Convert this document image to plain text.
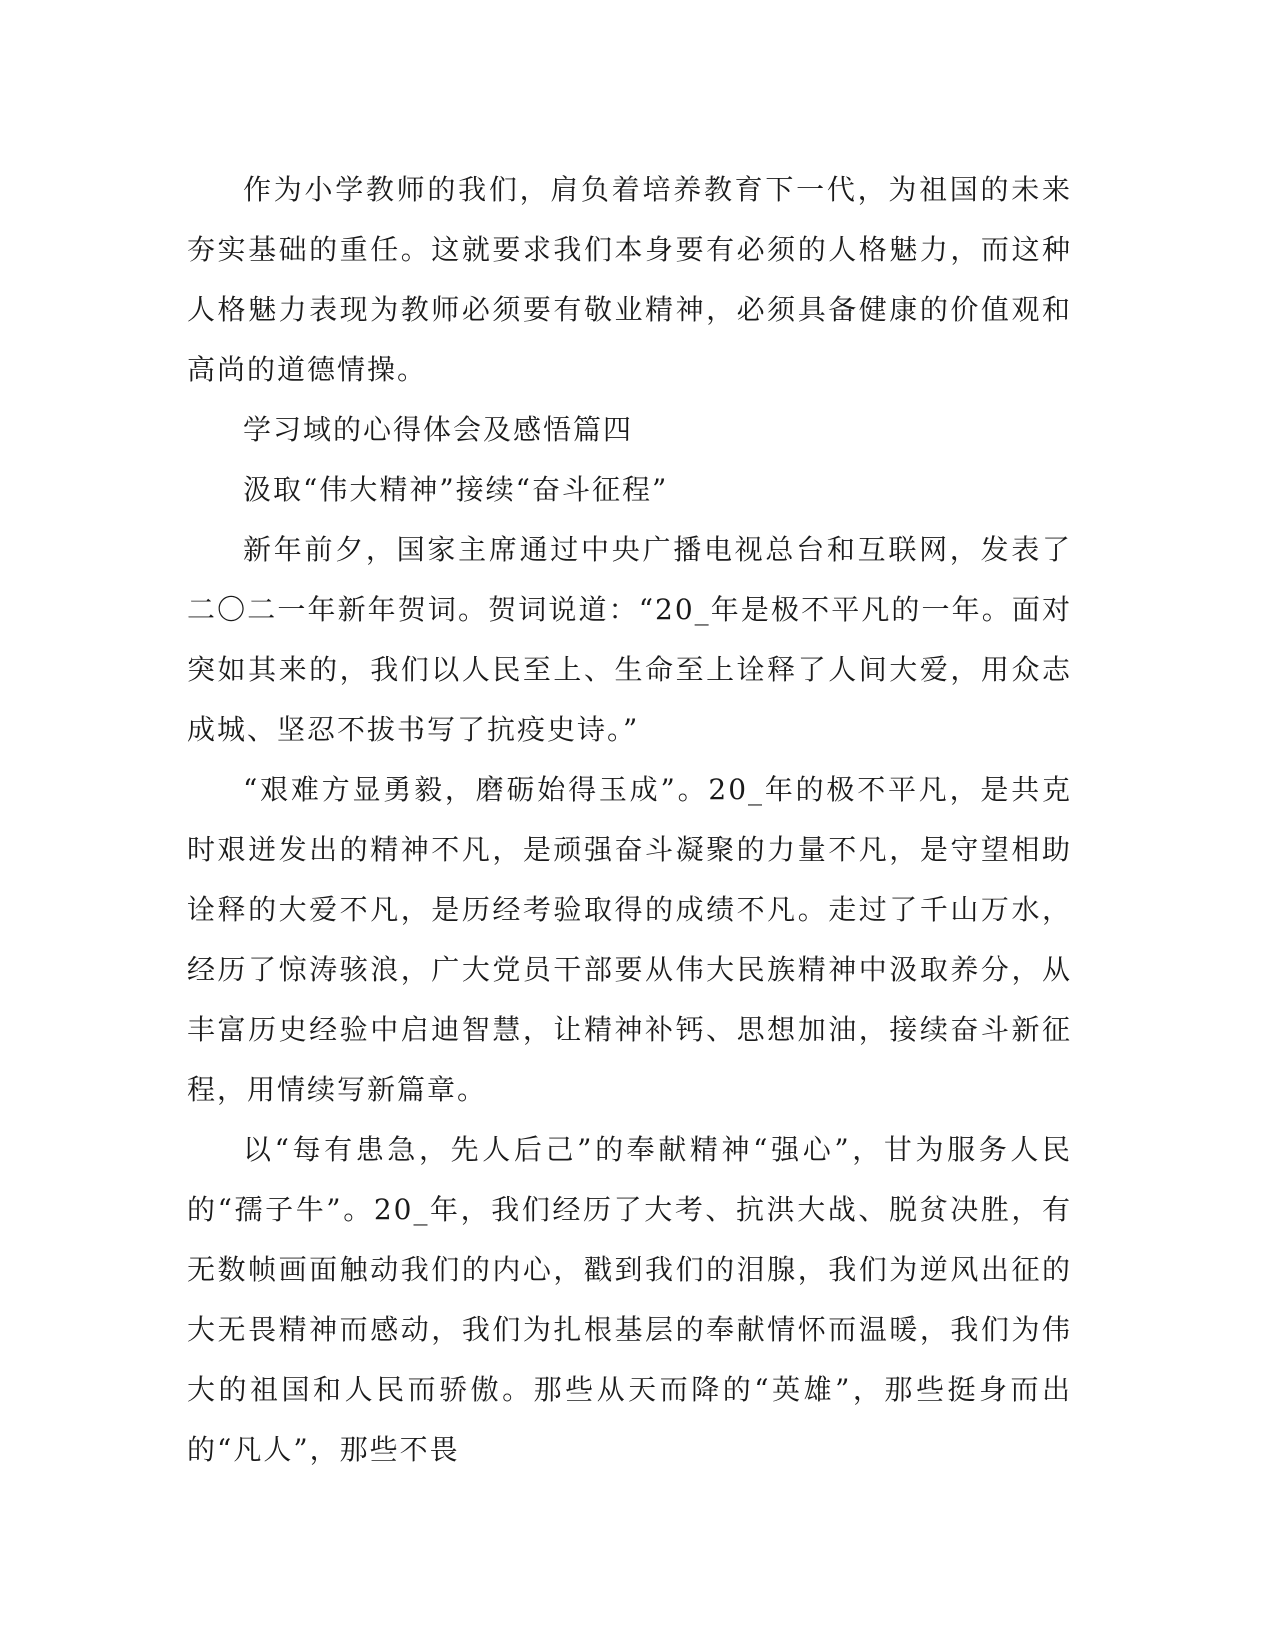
作为小学教师的我们，肩负着培养教育下一代，为祖国的未来夯实基础的重任。这就要求我们本身要有必须的人格魅力，而这种人格魅力表现为教师必须要有敬业精神，必须具备健康的价值观和高尚的道德情操。

学习域的心得体会及感悟篇四

汲取“伟大精神”接续“奋斗征程”

新年前夕，国家主席通过中央广播电视总台和互联网，发表了二〇二一年新年贺词。贺词说道：“20_年是极不平凡的一年。面对突如其来的，我们以人民至上、生命至上诠释了人间大爱，用众志成城、坚忍不拔书写了抗疫史诗。”

“艰难方显勇毅，磨砺始得玉成”。20_年的极不平凡，是共克时艰迸发出的精神不凡，是顽强奋斗凝聚的力量不凡，是守望相助诠释的大爱不凡，是历经考验取得的成绩不凡。走过了千山万水，经历了惊涛骇浪，广大党员干部要从伟大民族精神中汲取养分，从丰富历史经验中启迪智慧，让精神补钙、思想加油，接续奋斗新征程，用情续写新篇章。

以“每有患急，先人后己”的奉献精神“强心”，甘为服务人民的“孺子牛”。20_年，我们经历了大考、抗洪大战、脱贫决胜，有无数帧画面触动我们的内心，戳到我们的泪腺，我们为逆风出征的大无畏精神而感动，我们为扎根基层的奉献情怀而温暖，我们为伟大的祖国和人民而骄傲。那些从天而降的“英雄”，那些挺身而出的“凡人”，那些不畏
